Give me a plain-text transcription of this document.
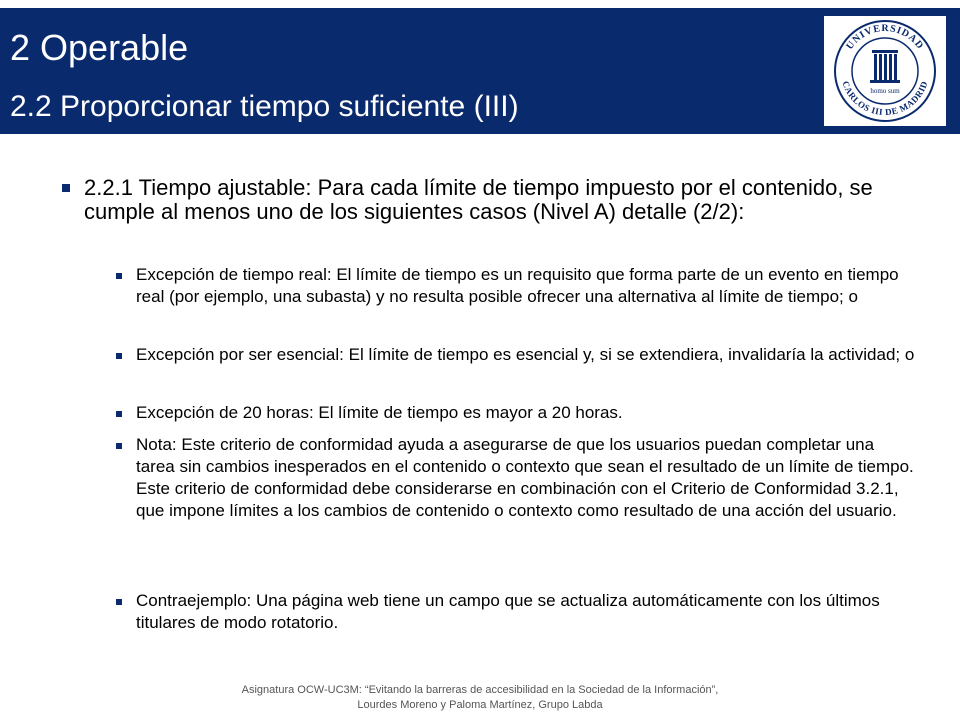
2 Operable
2.2 Proporcionar tiempo suficiente (III)
UNIVERSIDAD
CARLOS III DE MADRID
homo sum
2.2.1 Tiempo ajustable: Para cada límite de tiempo impuesto por el contenido, se cumple al menos uno de los siguientes casos (Nivel A) detalle (2/2):
Excepción de tiempo real: El límite de tiempo es un requisito que forma parte de un evento en tiempo real (por ejemplo, una subasta) y no resulta posible ofrecer una alternativa al límite de tiempo; o
Excepción por ser esencial: El límite de tiempo es esencial y, si se extendiera, invalidaría la actividad; o
Excepción de 20 horas: El límite de tiempo es mayor a 20 horas.
Nota: Este criterio de conformidad ayuda a asegurarse de que los usuarios puedan completar una tarea sin cambios inesperados en el contenido o contexto que sean el resultado de un límite de tiempo. Este criterio de conformidad debe considerarse en combinación con el Criterio de Conformidad 3.2.1, que impone límites a los cambios de contenido o contexto como resultado de una acción del usuario.
Contraejemplo: Una página web tiene un campo que se actualiza automáticamente con los últimos titulares de modo rotatorio.
Asignatura OCW-UC3M: “Evitando la barreras de accesibilidad en la Sociedad de la Información”,
Lourdes Moreno y Paloma Martínez, Grupo Labda
